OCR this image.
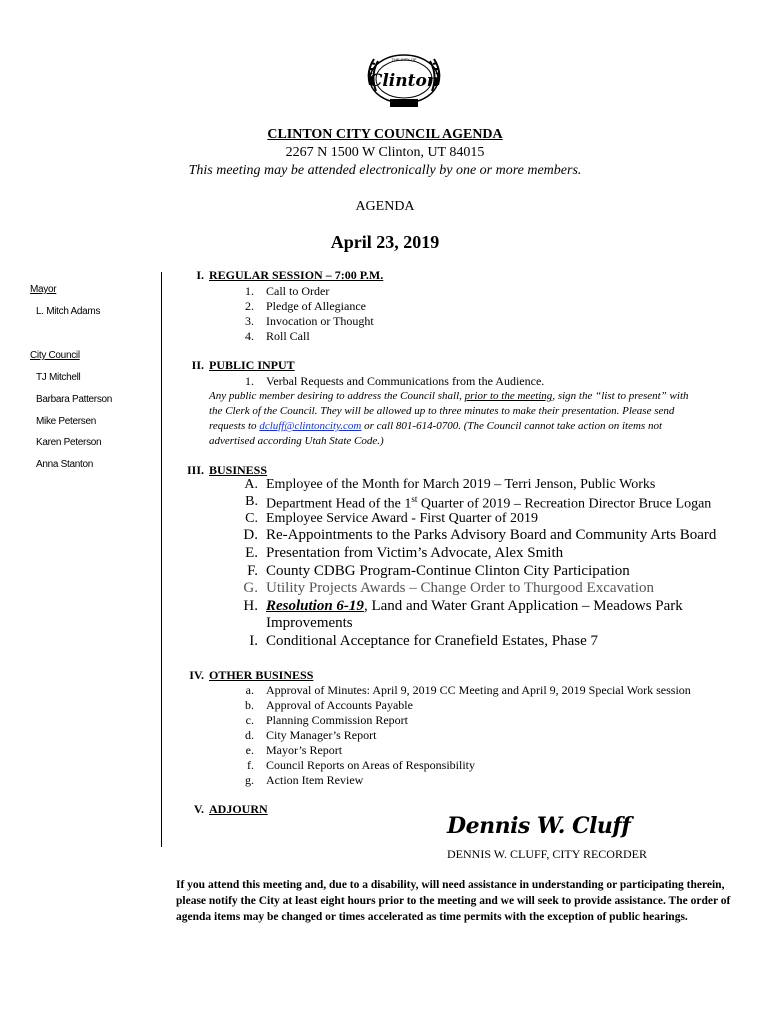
THE CITY OF
Clinton
CLINTON CITY COUNCIL AGENDA
2267 N 1500 W Clinton, UT 84015
This meeting may be attended electronically by one or more members.
AGENDA
April 23, 2019
Mayor
L. Mitch Adams
City Council
TJ Mitchell
Barbara Patterson
Mike Petersen
Karen Peterson
Anna Stanton
I. REGULAR SESSION – 7:00 P.M.
1. Call to Order
2. Pledge of Allegiance
3. Invocation or Thought
4. Roll Call
II. PUBLIC INPUT
1. Verbal Requests and Communications from the Audience.
Any public member desiring to address the Council shall, prior to the meeting, sign the “list to present” with the Clerk of the Council. They will be allowed up to three minutes to make their presentation. Please send requests to dcluff@clintoncity.com or call 801-614-0700. (The Council cannot take action on items not advertised according Utah State Code.)
III. BUSINESS
A. Employee of the Month for March 2019 – Terri Jenson, Public Works
B. Department Head of the 1st Quarter of 2019 – Recreation Director Bruce Logan
C. Employee Service Award - First Quarter of 2019
D. Re-Appointments to the Parks Advisory Board and Community Arts Board
E. Presentation from Victim’s Advocate, Alex Smith
F. County CDBG Program-Continue Clinton City Participation
G. Utility Projects Awards – Change Order to Thurgood Excavation
H. Resolution 6-19, Land and Water Grant Application – Meadows Park
Improvements
I. Conditional Acceptance for Cranefield Estates, Phase 7
IV. OTHER BUSINESS
a. Approval of Minutes: April 9, 2019 CC Meeting and April 9, 2019 Special Work session
b. Approval of Accounts Payable
c. Planning Commission Report
d. City Manager’s Report
e. Mayor’s Report
f. Council Reports on Areas of Responsibility
g. Action Item Review
V. ADJOURN
Dennis W. Cluff
DENNIS W. CLUFF, CITY RECORDER
If you attend this meeting and, due to a disability, will need assistance in understanding or participating therein, please notify the City at least eight hours prior to the meeting and we will seek to provide assistance. The order of agenda items may be changed or times accelerated as time permits with the exception of public hearings.
